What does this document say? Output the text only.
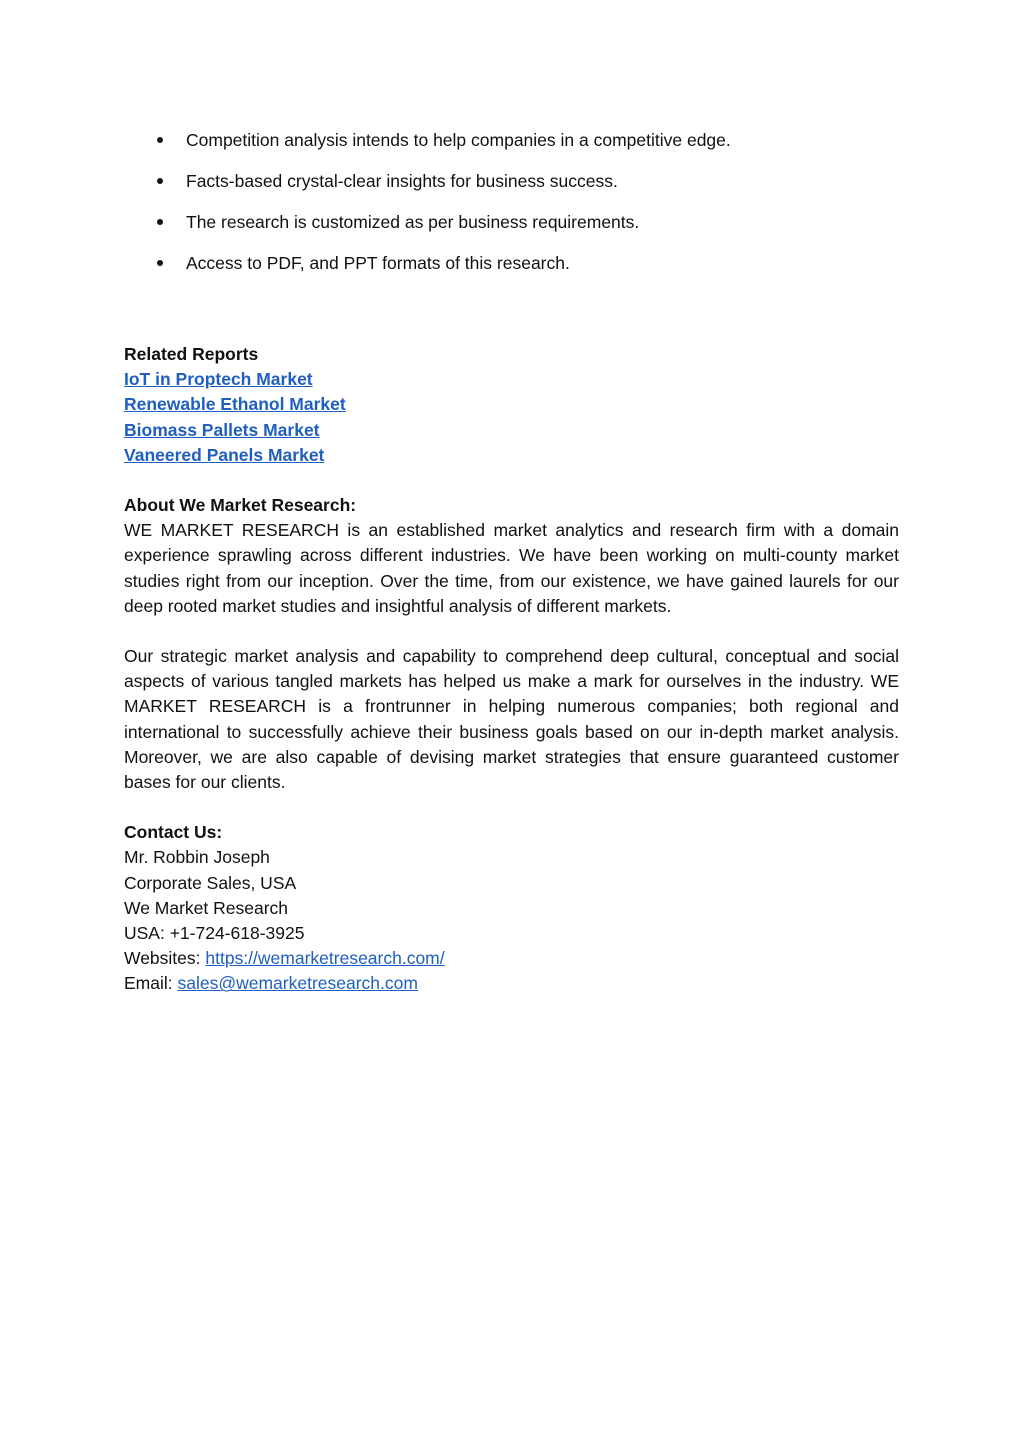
Competition analysis intends to help companies in a competitive edge.
Facts-based crystal-clear insights for business success.
The research is customized as per business requirements.
Access to PDF, and PPT formats of this research.
Related Reports
IoT in Proptech Market
Renewable Ethanol Market
Biomass Pallets Market
Vaneered Panels Market
About We Market Research:
WE MARKET RESEARCH is an established market analytics and research firm with a domain experience sprawling across different industries. We have been working on multi-county market studies right from our inception. Over the time, from our existence, we have gained laurels for our deep rooted market studies and insightful analysis of different markets.
Our strategic market analysis and capability to comprehend deep cultural, conceptual and social aspects of various tangled markets has helped us make a mark for ourselves in the industry. WE MARKET RESEARCH is a frontrunner in helping numerous companies; both regional and international to successfully achieve their business goals based on our in-depth market analysis. Moreover, we are also capable of devising market strategies that ensure guaranteed customer bases for our clients.
Contact Us:
Mr. Robbin Joseph
Corporate Sales, USA
We Market Research
USA: +1-724-618-3925
Websites: https://wemarketresearch.com/
Email: sales@wemarketresearch.com
